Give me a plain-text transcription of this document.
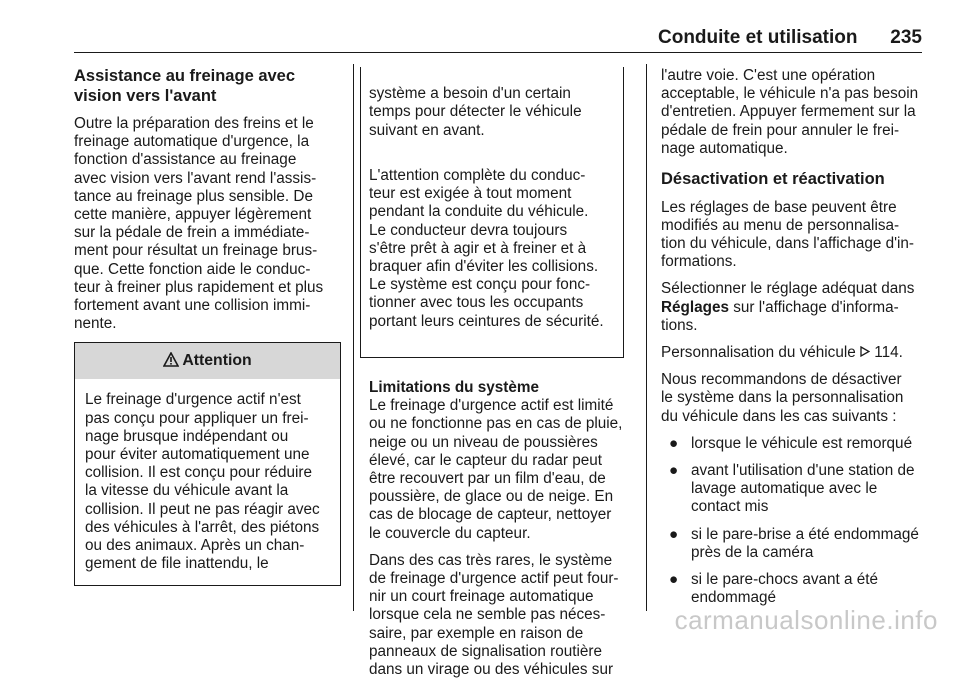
Conduite et utilisation 235
Assistance au freinage avec
vision vers l'avant
Outre la préparation des freins et le
freinage automatique d'urgence, la
fonction d'assistance au freinage
avec vision vers l'avant rend l'assis-
tance au freinage plus sensible. De
cette manière, appuyer légèrement
sur la pédale de frein a immédiate-
ment pour résultat un freinage brus-
que. Cette fonction aide le conduc-
teur à freiner plus rapidement et plus
fortement avant une collision immi-
nente.
Attention
Le freinage d'urgence actif n'est
pas conçu pour appliquer un frei-
nage brusque indépendant ou
pour éviter automatiquement une
collision. Il est conçu pour réduire
la vitesse du véhicule avant la
collision. Il peut ne pas réagir avec
des véhicules à l'arrêt, des piétons
ou des animaux. Après un chan-
gement de file inattendu, le

système a besoin d'un certain
temps pour détecter le véhicule
suivant en avant.

L'attention complète du conduc-
teur est exigée à tout moment
pendant la conduite du véhicule.
Le conducteur devra toujours
s'être prêt à agir et à freiner et à
braquer afin d'éviter les collisions.
Le système est conçu pour fonc-
tionner avec tous les occupants
portant leurs ceintures de sécurité.

Limitations du système
Le freinage d'urgence actif est limité
ou ne fonctionne pas en cas de pluie,
neige ou un niveau de poussières
élevé, car le capteur du radar peut
être recouvert par un film d'eau, de
poussière, de glace ou de neige. En
cas de blocage de capteur, nettoyer
le couvercle du capteur.
Dans des cas très rares, le système
de freinage d'urgence actif peut four-
nir un court freinage automatique
lorsque cela ne semble pas néces-
saire, par exemple en raison de
panneaux de signalisation routière
dans un virage ou des véhicules sur
l'autre voie. C'est une opération
acceptable, le véhicule n'a pas besoin
d'entretien. Appuyer fermement sur la
pédale de frein pour annuler le frei-
nage automatique.
Désactivation et réactivation
Les réglages de base peuvent être
modifiés au menu de personnalisa-
tion du véhicule, dans l'affichage d'in-
formations.
Sélectionner le réglage adéquat dans
Réglages sur l'affichage d'informa-
tions.
Personnalisation du véhicule  114.
Nous recommandons de désactiver
le système dans la personnalisation
du véhicule dans les cas suivants :
● lorsque le véhicule est remorqué
● avant l'utilisation d'une station de
lavage automatique avec le
contact mis
● si le pare-brise a été endommagé
près de la caméra
● si le pare-chocs avant a été
endommagé
carmanualsonline.info
